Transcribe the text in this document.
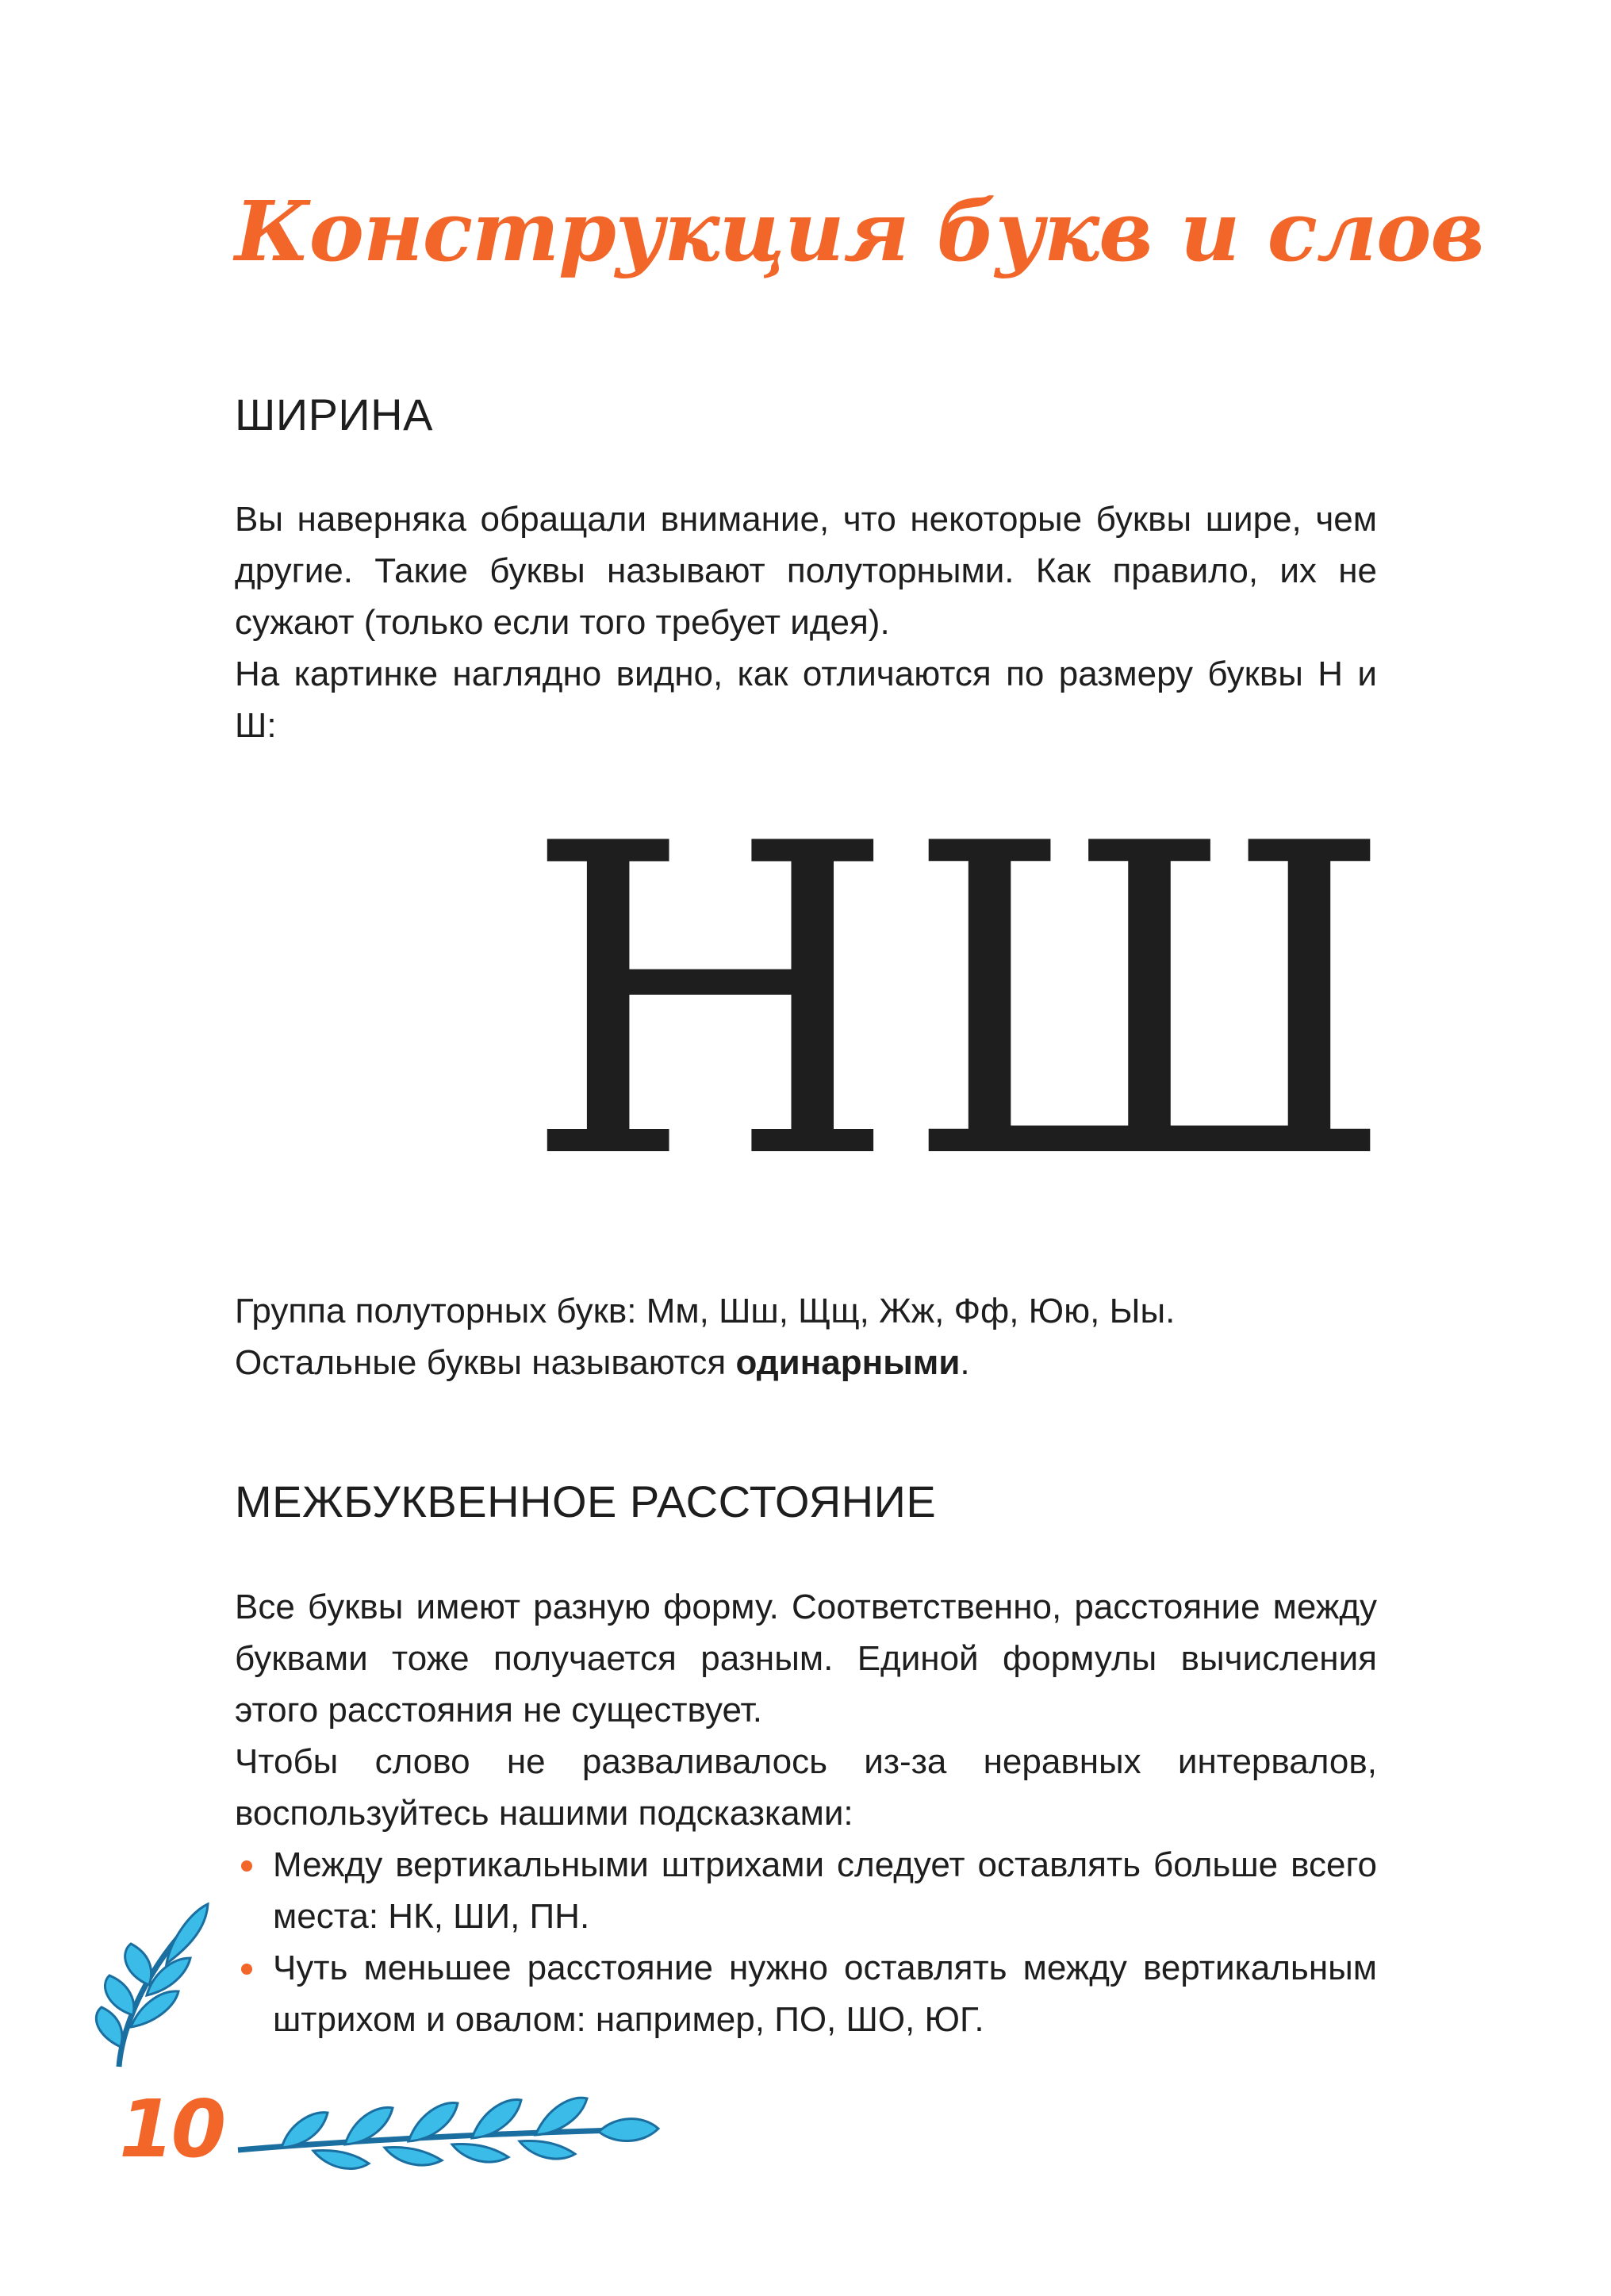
Конструкция букв и слов
ШИРИНА

Вы наверняка обращали внимание, что некоторые буквы шире, чем другие. Такие буквы называют полуторными. Как правило, их не сужают (только если того требует идея).

На картинке наглядно видно, как отличаются по размеру буквы Н и Ш:

НШ

Группа полуторных букв: Мм, Шш, Щщ, Жж, Фф, Юю, Ыы.

Остальные буквы называются одинарными.

МЕЖБУКВЕННОЕ РАССТОЯНИЕ

Все буквы имеют разную форму. Соответственно, расстояние между буквами тоже получается разным. Единой формулы вычисления этого расстояния не существует.

Чтобы слово не разваливалось из-за неравных интервалов, воспользуйтесь нашими подсказками:

Между вертикальными штрихами следует оставлять больше всего места: НК, ШИ, ПН.
Чуть меньшее расстояние нужно оставлять между вертикальным штрихом и овалом: например, ПО, ШО, ЮГ.
10
